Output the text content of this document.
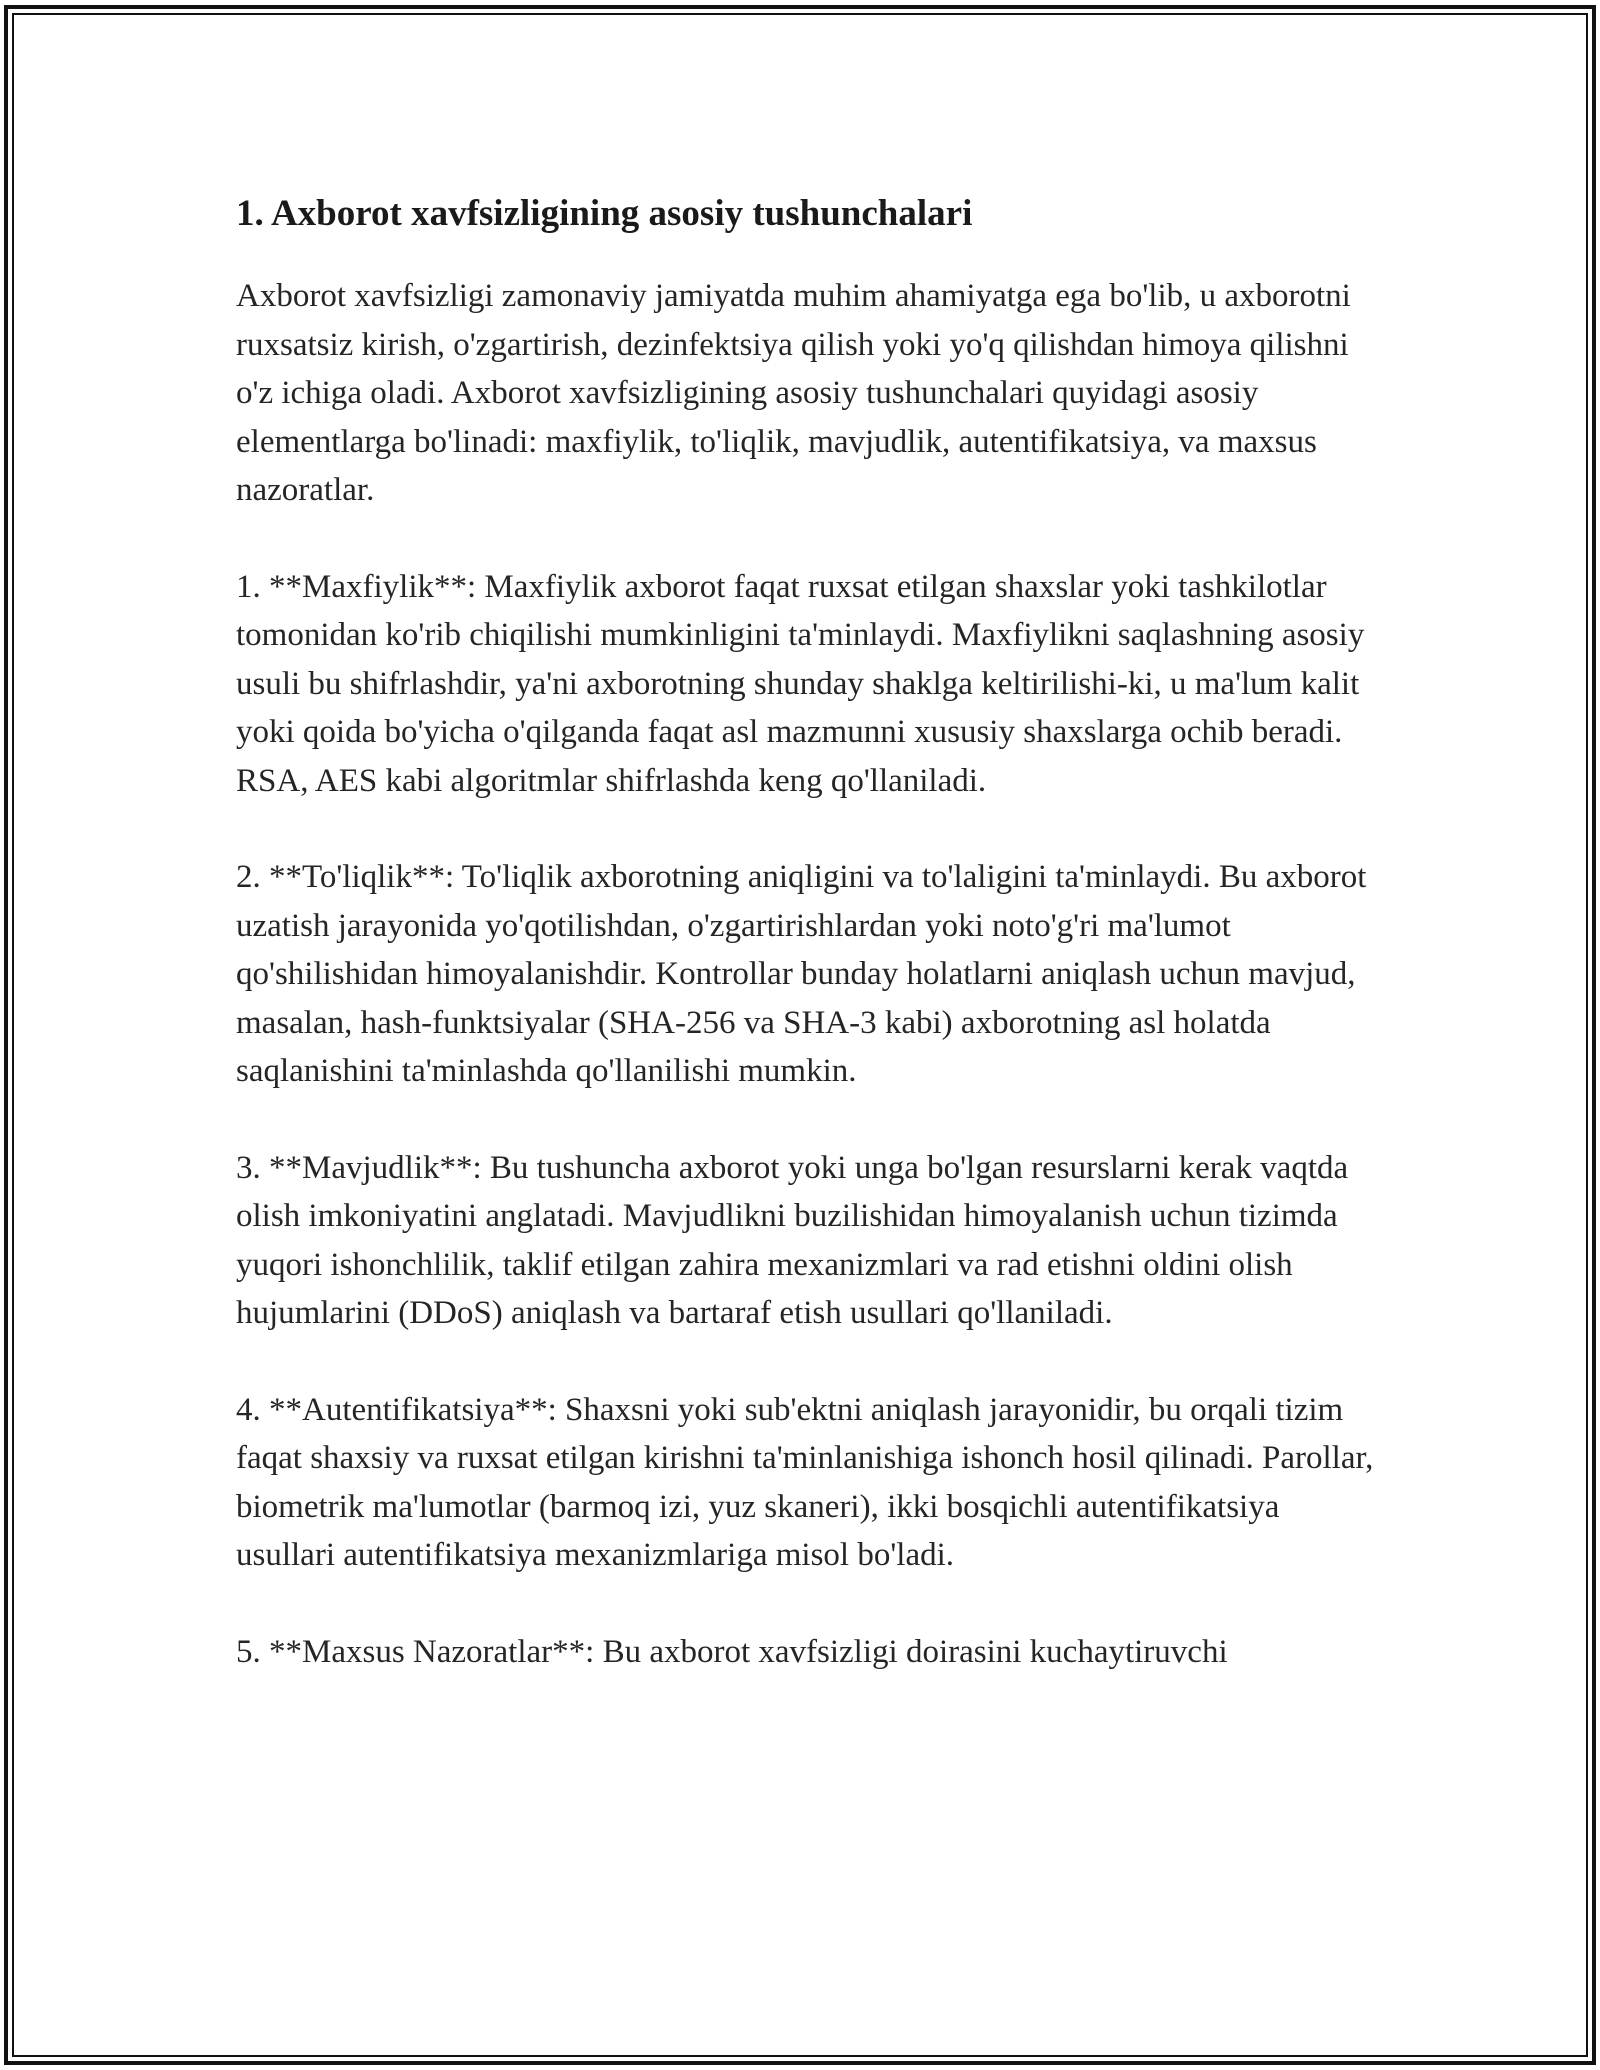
1. Axborot xavfsizligining asosiy tushunchalari

Axborot xavfsizligi zamonaviy jamiyatda muhim ahamiyatga ega bo'lib, u axborotni ruxsatsiz kirish, o'zgartirish, dezinfektsiya qilish yoki yo'q qilishdan himoya qilishni o'z ichiga oladi. Axborot xavfsizligining asosiy tushunchalari quyidagi asosiy elementlarga bo'linadi: maxfiylik, to'liqlik, mavjudlik, autentifikatsiya, va maxsus nazoratlar.

1. **Maxfiylik**: Maxfiylik axborot faqat ruxsat etilgan shaxslar yoki tashkilotlar tomonidan ko'rib chiqilishi mumkinligini ta'minlaydi. Maxfiylikni saqlashning asosiy usuli bu shifrlashdir, ya'ni axborotning shunday shaklga keltirilishi-ki, u ma'lum kalit yoki qoida bo'yicha o'qilganda faqat asl mazmunni xususiy shaxslarga ochib beradi. RSA, AES kabi algoritmlar shifrlashda keng qo'llaniladi.

2. **To'liqlik**: To'liqlik axborotning aniqligini va to'laligini ta'minlaydi. Bu axborot uzatish jarayonida yo'qotilishdan, o'zgartirishlardan yoki noto'g'ri ma'lumot qo'shilishidan himoyalanishdir. Kontrollar bunday holatlarni aniqlash uchun mavjud, masalan, hash-funktsiyalar (SHA-256 va SHA-3 kabi) axborotning asl holatda saqlanishini ta'minlashda qo'llanilishi mumkin.

3. **Mavjudlik**: Bu tushuncha axborot yoki unga bo'lgan resurslarni kerak vaqtda olish imkoniyatini anglatadi. Mavjudlikni buzilishidan himoyalanish uchun tizimda yuqori ishonchlilik, taklif etilgan zahira mexanizmlari va rad etishni oldini olish hujumlarini (DDoS) aniqlash va bartaraf etish usullari qo'llaniladi.

4. **Autentifikatsiya**: Shaxsni yoki sub'ektni aniqlash jarayonidir, bu orqali tizim faqat shaxsiy va ruxsat etilgan kirishni ta'minlanishiga ishonch hosil qilinadi. Parollar, biometrik ma'lumotlar (barmoq izi, yuz skaneri), ikki bosqichli autentifikatsiya usullari autentifikatsiya mexanizmlariga misol bo'ladi.

5. **Maxsus Nazoratlar**: Bu axborot xavfsizligi doirasini kuchaytiruvchi
